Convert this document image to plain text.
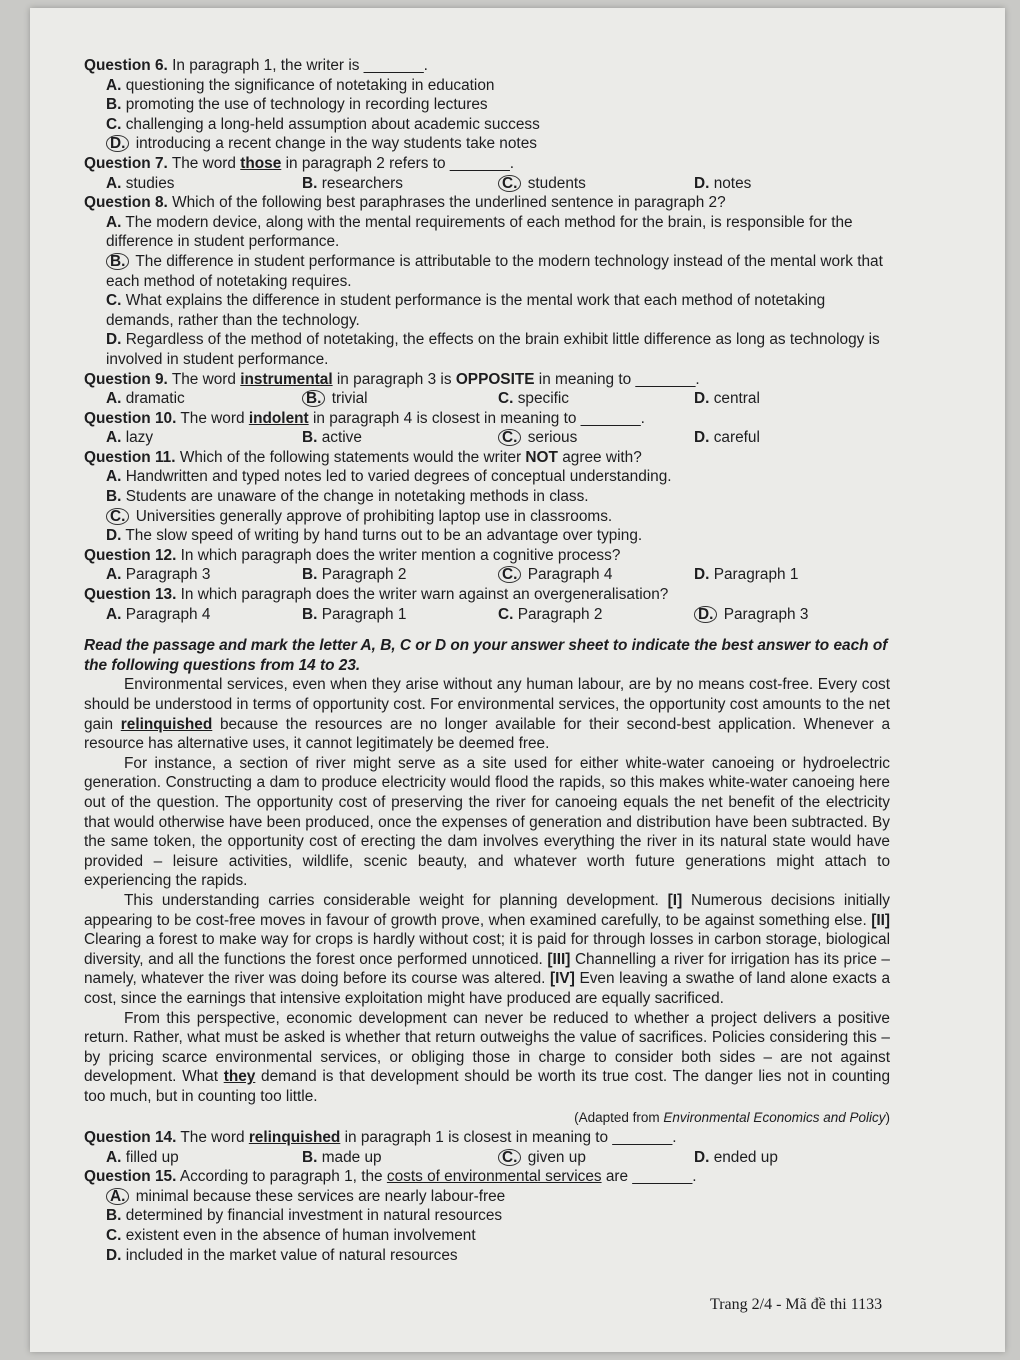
Question 6. In paragraph 1, the writer is _______.
A. questioning the significance of notetaking in education
B. promoting the use of technology in recording lectures
C. challenging a long-held assumption about academic success
D. introducing a recent change in the way students take notes
Question 7. The word those in paragraph 2 refers to _______.
A. studies	B. researchers	C. students	D. notes
Question 8. Which of the following best paraphrases the underlined sentence in paragraph 2?
A. The modern device, along with the mental requirements of each method for the brain, is responsible for the difference in student performance.
B. The difference in student performance is attributable to the modern technology instead of the mental work that each method of notetaking requires.
C. What explains the difference in student performance is the mental work that each method of notetaking demands, rather than the technology.
D. Regardless of the method of notetaking, the effects on the brain exhibit little difference as long as technology is involved in student performance.
Question 9. The word instrumental in paragraph 3 is OPPOSITE in meaning to _______.
A. dramatic	B. trivial	C. specific	D. central
Question 10. The word indolent in paragraph 4 is closest in meaning to _______.
A. lazy	B. active	C. serious	D. careful
Question 11. Which of the following statements would the writer NOT agree with?
A. Handwritten and typed notes led to varied degrees of conceptual understanding.
B. Students are unaware of the change in notetaking methods in class.
C. Universities generally approve of prohibiting laptop use in classrooms.
D. The slow speed of writing by hand turns out to be an advantage over typing.
Question 12. In which paragraph does the writer mention a cognitive process?
A. Paragraph 3	B. Paragraph 2	C. Paragraph 4	D. Paragraph 1
Question 13. In which paragraph does the writer warn against an overgeneralisation?
A. Paragraph 4	B. Paragraph 1	C. Paragraph 2	D. Paragraph 3
Read the passage and mark the letter A, B, C or D on your answer sheet to indicate the best answer to each of the following questions from 14 to 23.

Environmental services, even when they arise without any human labour, are by no means cost-free. Every cost should be understood in terms of opportunity cost. For environmental services, the opportunity cost amounts to the net gain relinquished because the resources are no longer available for their second-best application. Whenever a resource has alternative uses, it cannot legitimately be deemed free.

For instance, a section of river might serve as a site used for either white-water canoeing or hydroelectric generation. Constructing a dam to produce electricity would flood the rapids, so this makes white-water canoeing here out of the question. The opportunity cost of preserving the river for canoeing equals the net benefit of the electricity that would otherwise have been produced, once the expenses of generation and distribution have been subtracted. By the same token, the opportunity cost of erecting the dam involves everything the river in its natural state would have provided – leisure activities, wildlife, scenic beauty, and whatever worth future generations might attach to experiencing the rapids.

This understanding carries considerable weight for planning development. [I] Numerous decisions initially appearing to be cost-free moves in favour of growth prove, when examined carefully, to be against something else. [II] Clearing a forest to make way for crops is hardly without cost; it is paid for through losses in carbon storage, biological diversity, and all the functions the forest once performed unnoticed. [III] Channelling a river for irrigation has its price – namely, whatever the river was doing before its course was altered. [IV] Even leaving a swathe of land alone exacts a cost, since the earnings that intensive exploitation might have produced are equally sacrificed.

From this perspective, economic development can never be reduced to whether a project delivers a positive return. Rather, what must be asked is whether that return outweighs the value of sacrifices. Policies considering this – by pricing scarce environmental services, or obliging those in charge to consider both sides – are not against development. What they demand is that development should be worth its true cost. The danger lies not in counting too much, but in counting too little.

(Adapted from Environmental Economics and Policy)
Question 14. The word relinquished in paragraph 1 is closest in meaning to _______.
A. filled up	B. made up	C. given up	D. ended up
Question 15. According to paragraph 1, the costs of environmental services are _______.
A. minimal because these services are nearly labour-free
B. determined by financial investment in natural resources
C. existent even in the absence of human involvement
D. included in the market value of natural resources
Trang 2/4 - Mã đề thi 1133
